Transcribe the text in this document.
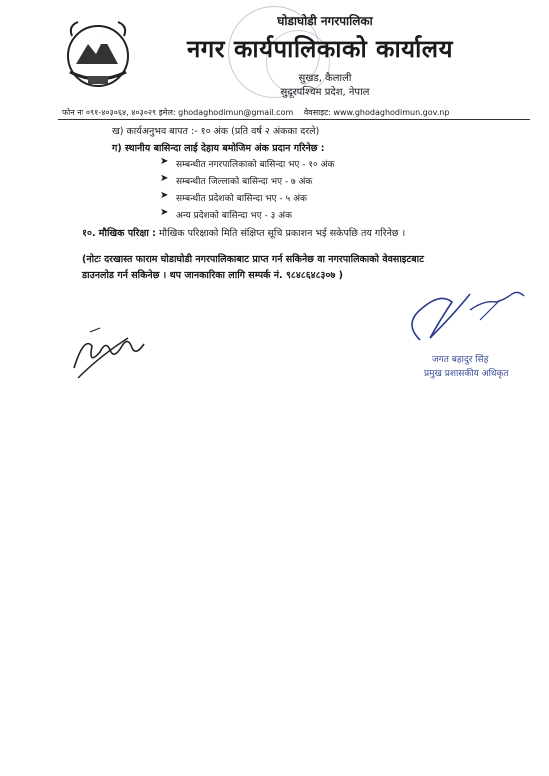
घोडाघोडी नगरपालिका
नगर कार्यपालिकाको कार्यालय
सुखड, कैलाली
सुदूरपश्चिम प्रदेश, नेपाल
फोन नः ०९१-४०३०६४, ४०३०२९ इमेल: ghodaghodimun@gmail.com वेवसाइट: www.ghodaghodimun.gov.np
ख) कार्यअनुभव बापत :- १० अंक (प्रति वर्ष २ अंकका दरले)
ग) स्थानीय बासिन्दा लाई देहाय बमोजिम अंक प्रदान गरिनेछ :
➤ सम्बन्धीत नगरपालिकाको बासिन्दा भए - १० अंक
➤ सम्बन्धीत जिल्लाको बासिन्दा भए - ७ अंक
➤ सम्बन्धीत प्रदेशको बासिन्दा भए - ५ अंक
➤ अन्य प्रदेशको बासिन्दा भए - ३ अंक
१०. मौखिक परिक्षा : मौखिक परिक्षाको मिति संक्षिप्त सूचि प्रकाशन भई सकेपछि तय गरिनेछ ।
(नोटः दरखास्त फाराम घोडाघोडी नगरपालिकाबाट प्राप्त गर्न सकिनेछ वा नगरपालिकाको वेवसाइटबाट
डाउनलोड गर्न सकिनेछ । थप जानकारिका लागि सम्पर्क नं. ९८४८६४८३०७ )
जगत बहादुर सिंह
प्रमुख प्रशासकीय अधिकृत
